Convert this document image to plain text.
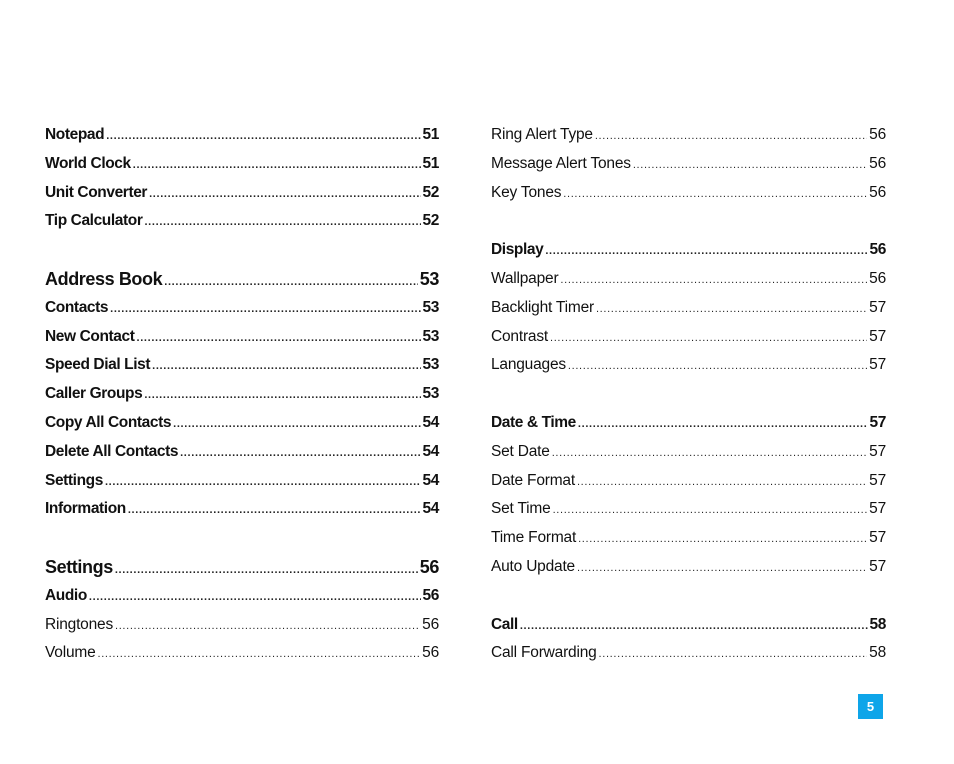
Notepad . . .	51
World Clock . . .	51
Unit Converter . . .	52
Tip Calculator . . .	52
Address Book . . .	53
Contacts . . .	53
New Contact . . .	53
Speed Dial List . . .	53
Caller Groups . . .	53
Copy All Contacts . . .	54
Delete All Contacts . . .	54
Settings . . .	54
Information . . .	54
Settings . . .	56
Audio . . .	56
Ringtones . . .	56
Volume . . .	56
Ring Alert Type . . .	56
Message Alert Tones . . .	56
Key Tones . . .	56
Display . . .	56
Wallpaper . . .	56
Backlight Timer . . .	57
Contrast . . .	57
Languages . . .	57
Date & Time . . .	57
Set Date . . .	57
Date Format . . .	57
Set Time . . .	57
Time Format . . .	57
Auto Update . . .	57
Call . . .	58
Call Forwarding . . .	58
5
